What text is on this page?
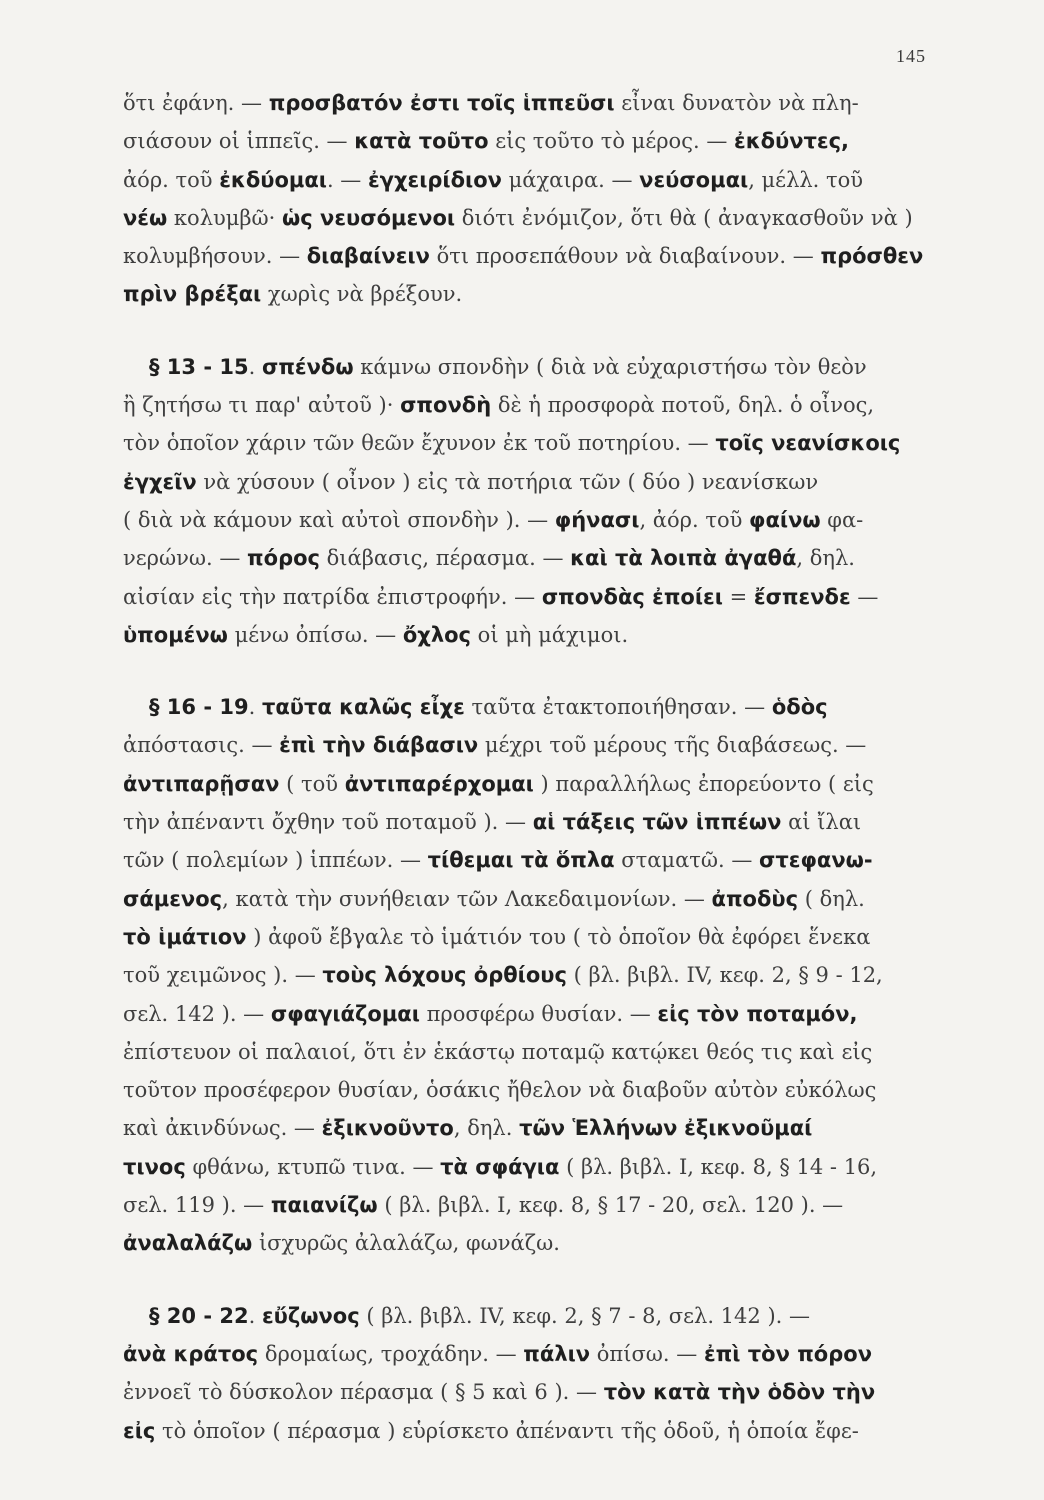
145

ὅτι ἐφάνη. — προσβατόν ἐστι τοῖς ἱππεῦσι εἶναι δυνατὸν νὰ πλη-
σιάσουν οἱ ἱππεῖς. — κατὰ τοῦτο εἰς τοῦτο τὸ μέρος. — ἐκδύντες,
ἀόρ. τοῦ ἐκδύομαι. — ἐγχειρίδιον μάχαιρα. — νεύσομαι, μέλλ. τοῦ
νέω κολυμβῶ· ὡς νευσόμενοι διότι ἐνόμιζον, ὅτι θὰ ( ἀναγκασθοῦν νὰ )
κολυμβήσουν. — διαβαίνειν ὅτι προσεπάθουν νὰ διαβαίνουν. — πρόσθεν
πρὶν βρέξαι χωρὶς νὰ βρέξουν.

§ 13 - 15. σπένδω κάμνω σπονδὴν ( διὰ νὰ εὐχαριστήσω τὸν θεὸν
ἢ ζητήσω τι παρ' αὐτοῦ )· σπονδὴ δὲ ἡ προσφορὰ ποτοῦ, δηλ. ὁ οἶνος,
τὸν ὁποῖον χάριν τῶν θεῶν ἔχυνον ἐκ τοῦ ποτηρίου. — τοῖς νεανίσκοις
ἐγχεῖν νὰ χύσουν ( οἶνον ) εἰς τὰ ποτήρια τῶν ( δύο ) νεανίσκων
( διὰ νὰ κάμουν καὶ αὐτοὶ σπονδὴν ). — φήνασι, ἀόρ. τοῦ φαίνω φα-
νερώνω. — πόρος διάβασις, πέρασμα. — καὶ τὰ λοιπὰ ἀγαθά, δηλ.
αἰσίαν εἰς τὴν πατρίδα ἐπιστροφήν. — σπονδὰς ἐποίει = ἔσπενδε —
ὑπομένω μένω ὀπίσω. — ὄχλος οἱ μὴ μάχιμοι.

§ 16 - 19. ταῦτα καλῶς εἶχε ταῦτα ἐτακτοποιήθησαν. — ὁδὸς
ἀπόστασις. — ἐπὶ τὴν διάβασιν μέχρι τοῦ μέρους τῆς διαβάσεως. —
ἀντιπαρῇσαν ( τοῦ ἀντιπαρέρχομαι ) παραλλήλως ἐπορεύοντο ( εἰς
τὴν ἀπέναντι ὄχθην τοῦ ποταμοῦ ). — αἱ τάξεις τῶν ἱππέων αἱ ἴλαι
τῶν ( πολεμίων ) ἱππέων. — τίθεμαι τὰ ὅπλα σταματῶ. — στεφανω-
σάμενος, κατὰ τὴν συνήθειαν τῶν Λακεδαιμονίων. — ἀποδὺς ( δηλ.
τὸ ἱμάτιον ) ἀφοῦ ἔβγαλε τὸ ἱμάτιόν του ( τὸ ὁποῖον θὰ ἐφόρει ἕνεκα
τοῦ χειμῶνος ). — τοὺς λόχους ὀρθίους ( βλ. βιβλ. IV, κεφ. 2, § 9 - 12,
σελ. 142 ). — σφαγιάζομαι προσφέρω θυσίαν. — εἰς τὸν ποταμόν,
ἐπίστευον οἱ παλαιοί, ὅτι ἐν ἑκάστῳ ποταμῷ κατῴκει θεός τις καὶ εἰς
τοῦτον προσέφερον θυσίαν, ὁσάκις ἤθελον νὰ διαβοῦν αὐτὸν εὐκόλως
καὶ ἀκινδύνως. — ἐξικνοῦντο, δηλ. τῶν Ἑλλήνων ἐξικνοῦμαί
τινος φθάνω, κτυπῶ τινα. — τὰ σφάγια ( βλ. βιβλ. I, κεφ. 8, § 14 - 16,
σελ. 119 ). — παιανίζω ( βλ. βιβλ. I, κεφ. 8, § 17 - 20, σελ. 120 ). —
ἀναλαλάζω ἰσχυρῶς ἀλαλάζω, φωνάζω.

§ 20 - 22. εὔζωνος ( βλ. βιβλ. IV, κεφ. 2, § 7 - 8, σελ. 142 ). —
ἀνὰ κράτος δρομαίως, τροχάδην. — πάλιν ὀπίσω. — ἐπὶ τὸν πόρον
ἐννοεῖ τὸ δύσκολον πέρασμα ( § 5 καὶ 6 ). — τὸν κατὰ τὴν ὁδὸν τὴν
εἰς τὸ ὁποῖον ( πέρασμα ) εὑρίσκετο ἀπέναντι τῆς ὁδοῦ, ἡ ὁποία ἔφε-
